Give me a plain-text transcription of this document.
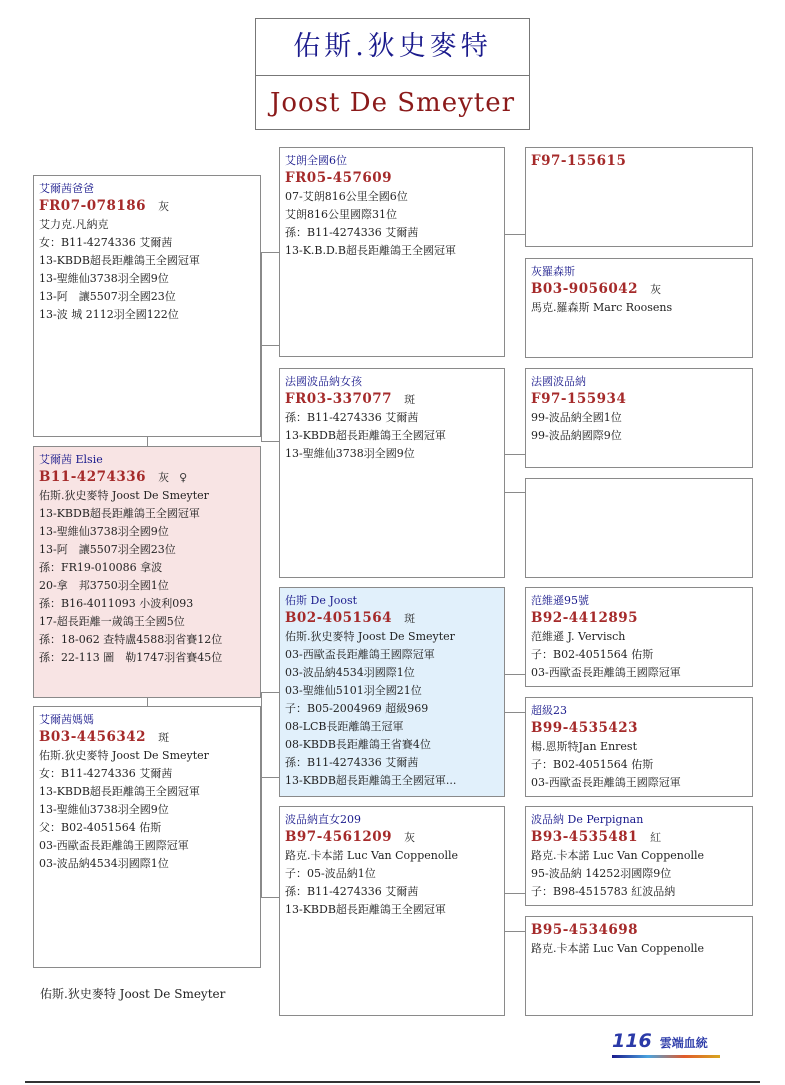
佑斯.狄史麥特
Joost De Smeyter
艾爾茜爸爸
FR07-078186 灰
艾力克.凡納克
女：B11-4274336 艾爾茜
13-KBDB超長距離鴿王全國冠軍
13-聖維仙3738羽全國9位
13-阿　讓5507羽全國23位
13-波 城 2112羽全國122位
艾爾茜 Elsie
B11-4274336 灰 ♀
佑斯.狄史麥特 Joost De Smeyter
13-KBDB超長距離鴿王全國冠軍
13-聖維仙3738羽全國9位
13-阿　讓5507羽全國23位
孫：FR19-010086 拿波
20-拿　邦3750羽全國1位
孫：B16-4011093 小波利093
17-超長距離一歲鴿王全國5位
孫：18-062 查特盧4588羽省賽12位
孫：22-113 圖　勒1747羽省賽45位
艾爾茜媽媽
B03-4456342 斑
佑斯.狄史麥特 Joost De Smeyter
女：B11-4274336 艾爾茜
13-KBDB超長距離鴿王全國冠軍
13-聖維仙3738羽全國9位
父：B02-4051564 佑斯
03-西歐盃長距離鴿王國際冠軍
03-波品納4534羽國際1位
艾朗全國6位
FR05-457609
07-艾朗816公里全國6位
艾朗816公里國際31位
孫：B11-4274336 艾爾茜
13-K.B.D.B超長距離鴿王全國冠軍
法國波品納女孩
FR03-337077 斑
孫：B11-4274336 艾爾茜
13-KBDB超長距離鴿王全國冠軍
13-聖維仙3738羽全國9位
佑斯 De Joost
B02-4051564 斑
佑斯.狄史麥特 Joost De Smeyter
03-西歐盃長距離鴿王國際冠軍
03-波品納4534羽國際1位
03-聖維仙5101羽全國21位
子：B05-2004969 超級969
08-LCB長距離鴿王冠軍
08-KBDB長距離鴿王省賽4位
孫：B11-4274336 艾爾茜
13-KBDB超長距離鴿王全國冠軍...
波品納直女209
B97-4561209 灰
路克.卡本諾 Luc Van Coppenolle
子：05-波品納1位
孫：B11-4274336 艾爾茜
13-KBDB超長距離鴿王全國冠軍
F97-155615
灰羅森斯
B03-9056042 灰
馬克.羅森斯 Marc Roosens
法國波品納
F97-155934
99-波品納全國1位
99-波品納國際9位
范維遜95號
B92-4412895
范維遜 J. Vervisch
子：B02-4051564 佑斯
03-西歐盃長距離鴿王國際冠軍
超級23
B99-4535423
楊.恩斯特Jan Enrest
子：B02-4051564 佑斯
03-西歐盃長距離鴿王國際冠軍
波品納 De Perpignan
B93-4535481 紅
路克.卡本諾 Luc Van Coppenolle
95-波品納 14252羽國際9位
子：B98-4515783 紅波品納
B95-4534698
路克.卡本諾 Luc Van Coppenolle
佑斯.狄史麥特 Joost De Smeyter
116 雲端血統
